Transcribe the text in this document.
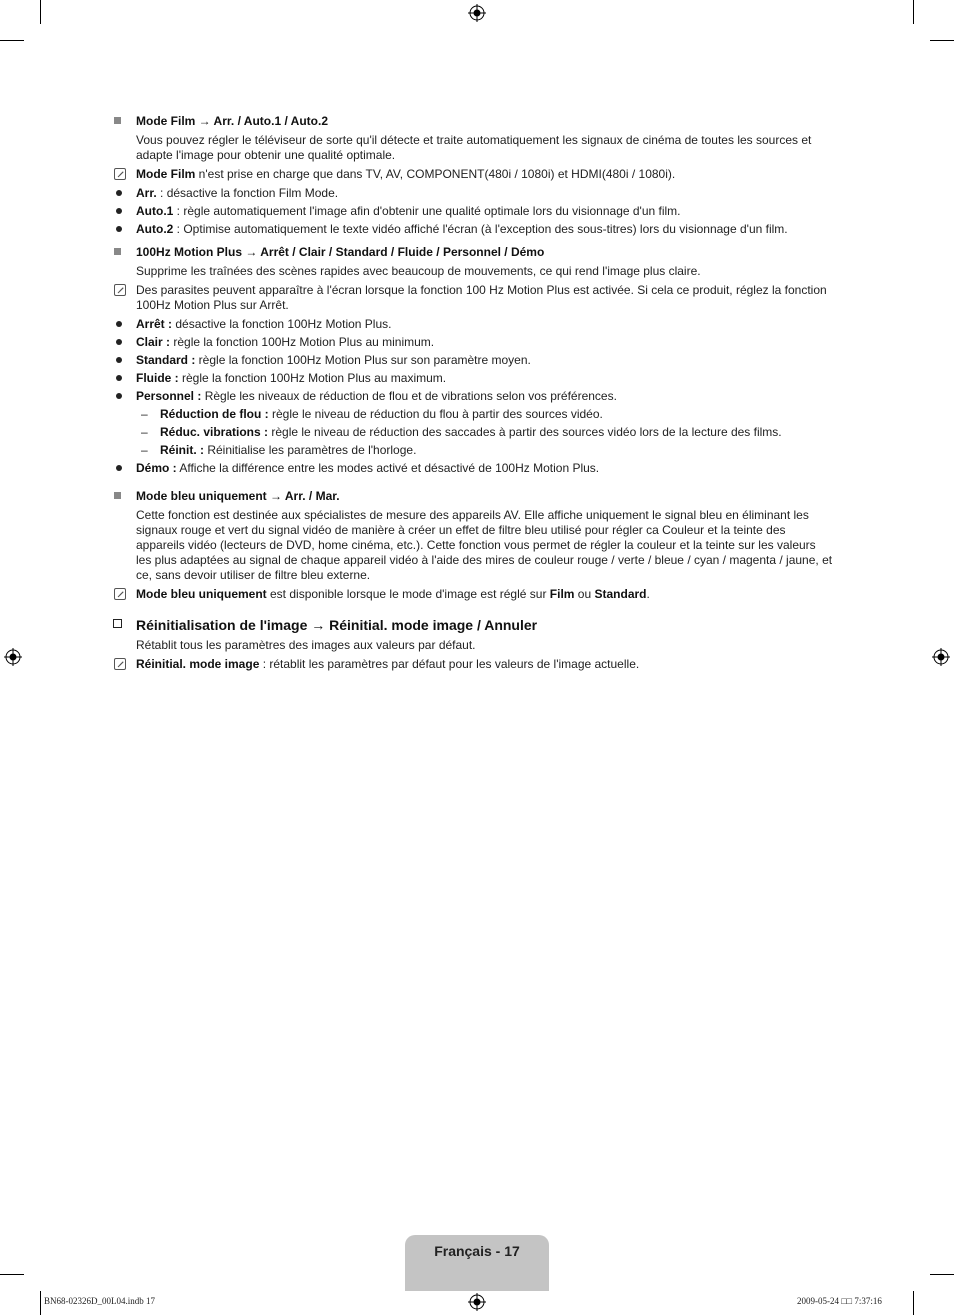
Mode Film → Arr. / Auto.1 / Auto.2

Vous pouvez régler le téléviseur de sorte qu'il détecte et traite automatiquement les signaux de cinéma de toutes les sources et adapte l'image pour obtenir une qualité optimale.

Mode Film n'est prise en charge que dans TV, AV, COMPONENT(480i / 1080i) et HDMI(480i / 1080i).
Arr. : désactive la fonction Film Mode.
Auto.1 : règle automatiquement l'image afin d'obtenir une qualité optimale lors du visionnage d'un film.
Auto.2 : Optimise automatiquement le texte vidéo affiché l'écran (à l'exception des sous-titres) lors du visionnage d'un film.
100Hz Motion Plus → Arrêt / Clair / Standard / Fluide / Personnel / Démo

Supprime les traînées des scènes rapides avec beaucoup de mouvements, ce qui rend l'image plus claire.

Des parasites peuvent apparaître à l'écran lorsque la fonction 100 Hz Motion Plus est activée. Si cela ce produit, réglez la fonction 100Hz Motion Plus sur Arrêt.
Arrêt : désactive la fonction 100Hz Motion Plus.
Clair : règle la fonction 100Hz Motion Plus au minimum.
Standard : règle la fonction 100Hz Motion Plus sur son paramètre moyen.
Fluide : règle la fonction 100Hz Motion Plus au maximum.
Personnel : Règle les niveaux de réduction de flou et de vibrations selon vos préférences.
– Réduction de flou : règle le niveau de réduction du flou à partir des sources vidéo.
– Réduc. vibrations : règle le niveau de réduction des saccades à partir des sources vidéo lors de la lecture des films.
– Réinit. : Réinitialise les paramètres de l'horloge.
Démo : Affiche la différence entre les modes activé et désactivé de 100Hz Motion Plus.
Mode bleu uniquement → Arr. / Mar.

Cette fonction est destinée aux spécialistes de mesure des appareils AV. Elle affiche uniquement le signal bleu en éliminant les signaux rouge et vert du signal vidéo de manière à créer un effet de filtre bleu utilisé pour régler ca Couleur et la teinte des appareils vidéo (lecteurs de DVD, home cinéma, etc.). Cette fonction vous permet de régler la couleur et la teinte sur les valeurs les plus adaptées au signal de chaque appareil vidéo à l'aide des mires de couleur rouge / verte / bleue / cyan / magenta / jaune, et ce, sans devoir utiliser de filtre bleu externe.

Mode bleu uniquement est disponible lorsque le mode d'image est réglé sur Film ou Standard.
Réinitialisation de l'image → Réinitial. mode image / Annuler

Rétablit tous les paramètres des images aux valeurs par défaut.

Réinitial. mode image : rétablit les paramètres par défaut pour les valeurs de l'image actuelle.
Français - 17
BN68-02326D_00L04.indb 17	2009-05-24 □□ 7:37:16
